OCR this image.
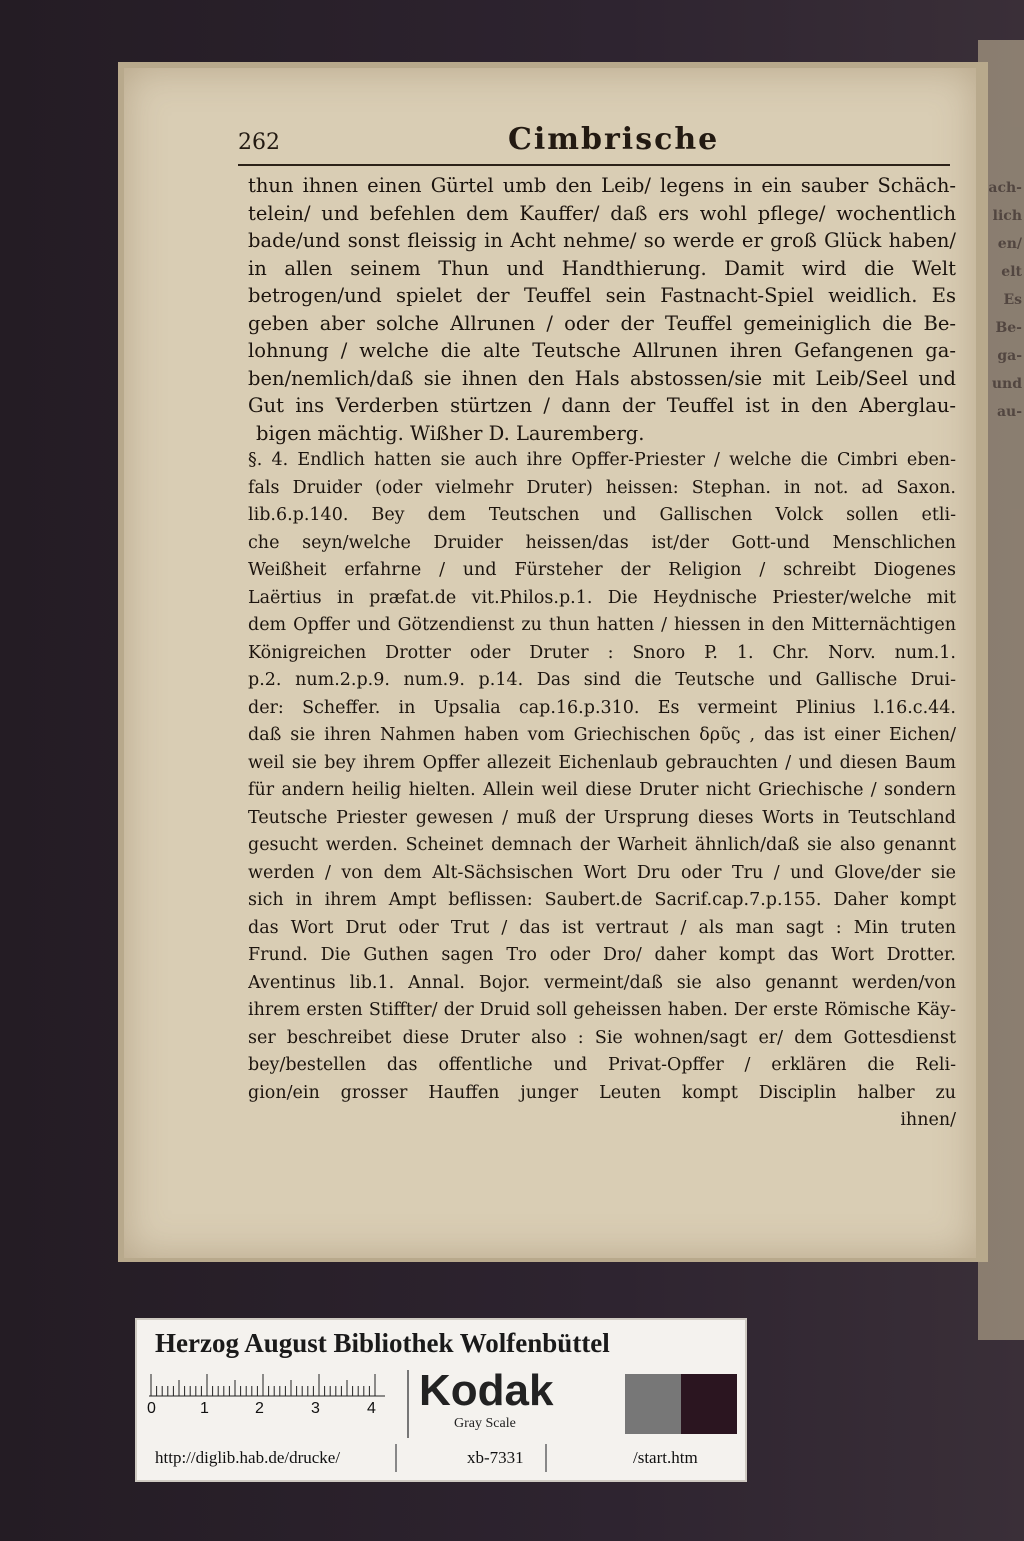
ach-
lich
en/
elt
Es
Be-
ga-
und
au-
262	Cimbrische
thun ihnen einen Gürtel umb den Leib/ legens in ein sauber Schäch-
telein/ und befehlen dem Kauffer/ daß ers wohl pflege/ wochentlich
bade/und sonst fleissig in Acht nehme/ so werde er groß Glück haben/
in allen seinem Thun und Handthierung. Damit wird die Welt
betrogen/und spielet der Teuffel sein Fastnacht-Spiel weidlich. Es
geben aber solche Allrunen / oder der Teuffel gemeiniglich die Be-
lohnung / welche die alte Teutsche Allrunen ihren Gefangenen ga-
ben/nemlich/daß sie ihnen den Hals abstossen/sie mit Leib/Seel und
Gut ins Verderben stürtzen / dann der Teuffel ist in den Aberglau-
bigen mächtig. Wißher D. Lauremberg.
§. 4. Endlich hatten sie auch ihre Opffer-Priester / welche die Cimbri eben-
fals Druider (oder vielmehr Druter) heissen: Stephan. in not. ad Saxon.
lib.6.p.140. Bey dem Teutschen und Gallischen Volck sollen etli-
che seyn/welche Druider heissen/das ist/der Gott-und Menschlichen
Weißheit erfahrne / und Fürsteher der Religion / schreibt Diogenes
Laërtius in præfat.de vit.Philos.p.1. Die Heydnische Priester/welche mit
dem Opffer und Götzendienst zu thun hatten / hiessen in den Mitternächtigen
Königreichen Drotter oder Druter : Snoro P. 1. Chr. Norv. num.1.
p.2. num.2.p.9. num.9. p.14. Das sind die Teutsche und Gallische Drui-
der: Scheffer. in Upsalia cap.16.p.310. Es vermeint Plinius l.16.c.44.
daß sie ihren Nahmen haben vom Griechischen δρῦς , das ist einer Eichen/
weil sie bey ihrem Opffer allezeit Eichenlaub gebrauchten / und diesen Baum
für andern heilig hielten. Allein weil diese Druter nicht Griechische / sondern
Teutsche Priester gewesen / muß der Ursprung dieses Worts in Teutschland
gesucht werden. Scheinet demnach der Warheit ähnlich/daß sie also genannt
werden / von dem Alt-Sächsischen Wort Dru oder Tru / und Glove/der sie
sich in ihrem Ampt beflissen: Saubert.de Sacrif.cap.7.p.155. Daher kompt
das Wort Drut oder Trut / das ist vertraut / als man sagt : Min truten
Frund. Die Guthen sagen Tro oder Dro/ daher kompt das Wort Drotter.
Aventinus lib.1. Annal. Bojor. vermeint/daß sie also genannt werden/von
ihrem ersten Stiffter/ der Druid soll geheissen haben. Der erste Römische Käy-
ser beschreibet diese Druter also : Sie wohnen/sagt er/ dem Gottesdienst
bey/bestellen das offentliche und Privat-Opffer / erklären die Reli-
gion/ein grosser Hauffen junger Leuten kompt Disciplin halber zu
ihnen/
Herzog August Bibliothek Wolfenbüttel
0	1	2	3	4 Kodak
Gray Scale
http://diglib.hab.de/drucke/	xb-7331	/start.htm
